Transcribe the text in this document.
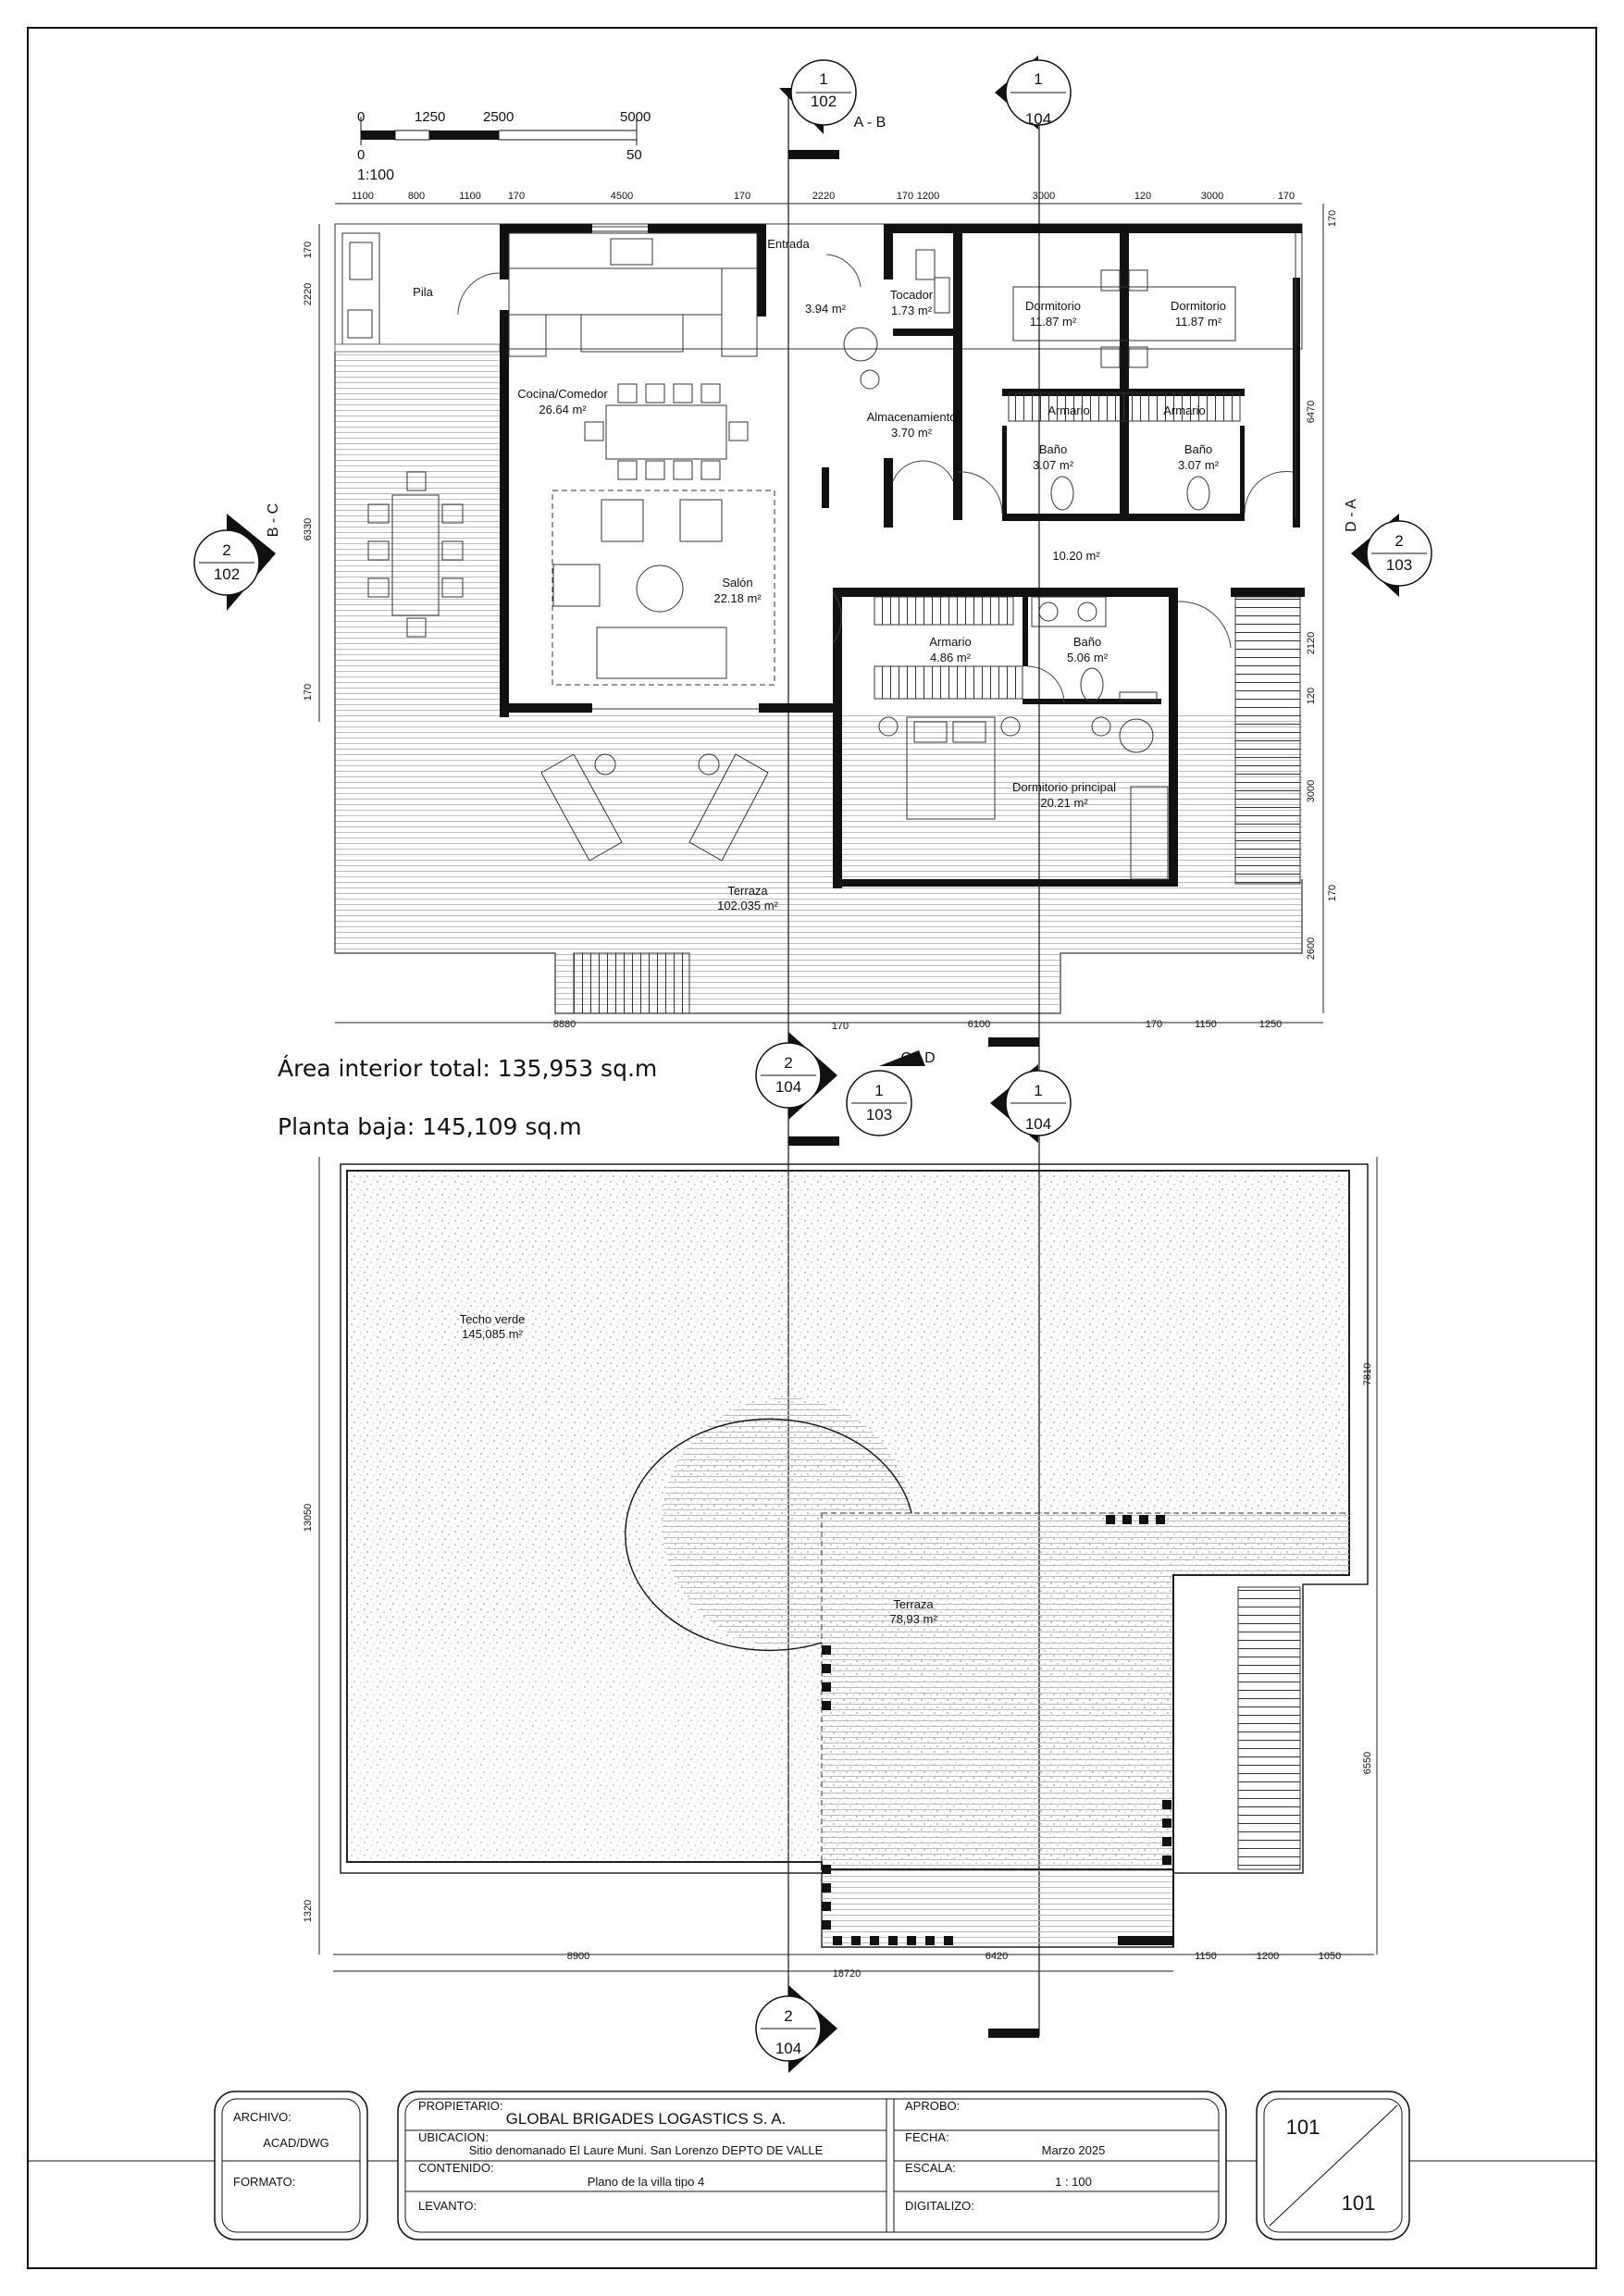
0	1250	2500	5000
0	50
1:100
Entrada
3.94 m²
Pila
Cocina/Comedor
26.64 m²
Salón
22.18 m²
Tocador
1.73 m²
Almacenamiento
3.70 m²
Dormitorio
11.87 m²
Dormitorio
11.87 m²
Armario	Armario
Baño
3.07 m²
Baño
3.07 m²
10.20 m²
Armario
4.86 m²
Baño
5.06 m²
Dormitorio principal
20.21 m²
Terraza
102.035 m²
1100	800	1100	170	4500	170	2220	170 1200	3000	120	3000	170
170
2220
6330
170
170
6470
2120
120
3000
170
2600
8880	170	6100	170	1150	1250
1
102
A - B
1
104
2
102
B - C
2
103
D - A
2
104	1
103
C - D
1
104
2
104
Área interior total: 135,953 sq.m
Planta baja: 145,109 sq.m
Techo verde
145,085 m²
Terraza
78,93 m²
8900	6420	1150	1200	1050
18720
13050
1320
7810
6550
ARCHIVO:
ACAD/DWG
FORMATO:
PROPIETARIO:
GLOBAL BRIGADES LOGASTICS S. A.
UBICACION:
Sitio denomanado El Laure Muni. San Lorenzo DEPTO DE VALLE
CONTENIDO:
Plano de la villa tipo 4
LEVANTO:
APROBO:
FECHA:
Marzo 2025
ESCALA:
1 : 100
DIGITALIZO:
101
101
